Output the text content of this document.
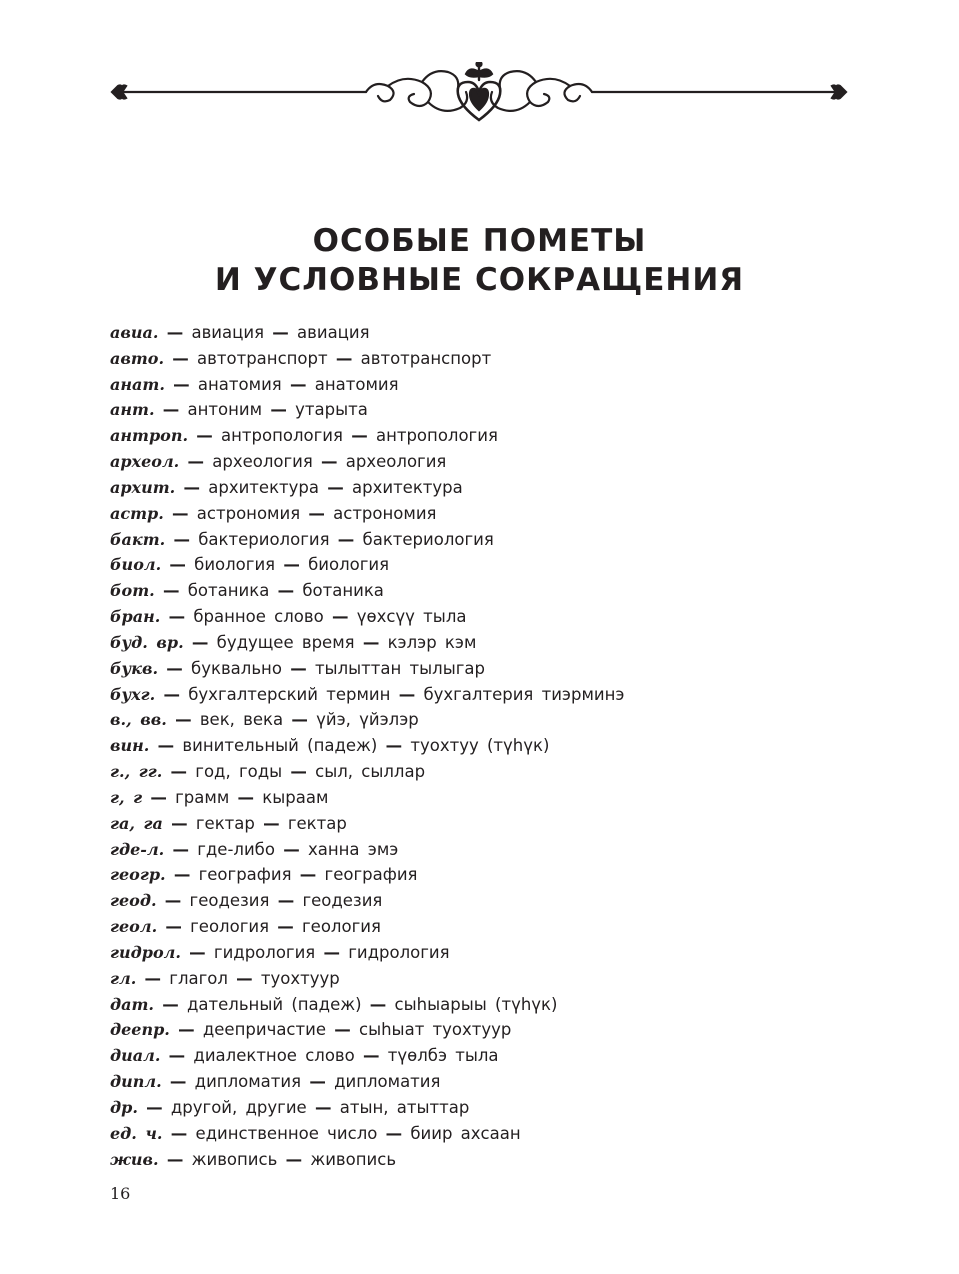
ОСОБЫЕ ПОМЕТЫ
И УСЛОВНЫЕ СОКРАЩЕНИЯ
авиа. — авиация — авиация
авто. — автотранспорт — автотранспорт
анат. — анатомия — анатомия
ант. — антоним — утарыта
антроп. — антропология — антропология
археол. — археология — археология
архит. — архитектура — архитектура
астр. — астрономия — астрономия
бакт. — бактериология — бактериология
биол. — биология — биология
бот. — ботаника — ботаника
бран. — бранное слово — үөхсүү тыла
буд. вр. — будущее время — кэлэр кэм
букв. — буквально — тылыттан тылыгар
бухг. — бухгалтерский термин — бухгалтерия тиэрминэ
в., вв. — век, века — үйэ, үйэлэр
вин. — винительный (падеж) — туохтуу (түһүк)
г., гг. — год, годы — сыл, сыллар
г, г — грамм — кыраам
га, га — гектар — гектар
где-л. — где-либо — ханна эмэ
геогр. — география — география
геод. — геодезия — геодезия
геол. — геология — геология
гидрол. — гидрология — гидрология
гл. — глагол — туохтуур
дат. — дательный (падеж) — сыһыарыы (түһүк)
деепр. — деепричастие — сыһыат туохтуур
диал. — диалектное слово — түөлбэ тыла
дипл. — дипломатия — дипломатия
др. — другой, другие — атын, атыттар
ед. ч. — единственное число — биир ахсаан
жив. — живопись — живопись
16
